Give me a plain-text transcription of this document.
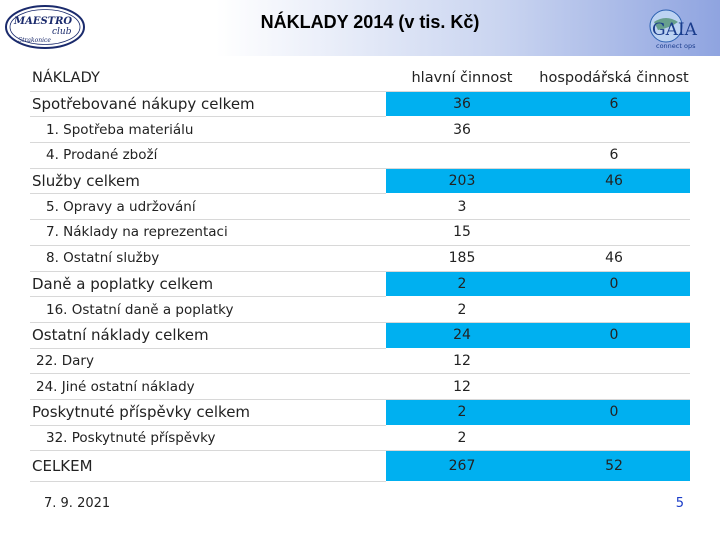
MAESTRO
club
Strakonice
NÁKLADY 2014 (v tis. Kč)	GAIA
connect ops
NÁKLADY	hlavní činnost	hospodářská činnost
Spotřebované nákupy celkem	36	6
1. Spotřeba materiálu	36	
4. Prodané zboží		6
Služby celkem	203	46
5. Opravy a udržování	3	
7. Náklady na reprezentaci	15	
8. Ostatní služby	185	46
Daně a poplatky celkem	2	0
16. Ostatní daně a poplatky	2	
Ostatní náklady celkem	24	0
22. Dary	12	
24. Jiné ostatní náklady	12	
Poskytnuté příspěvky celkem	2	0
32. Poskytnuté příspěvky	2	
CELKEM	267	52
7. 9. 2021	5
